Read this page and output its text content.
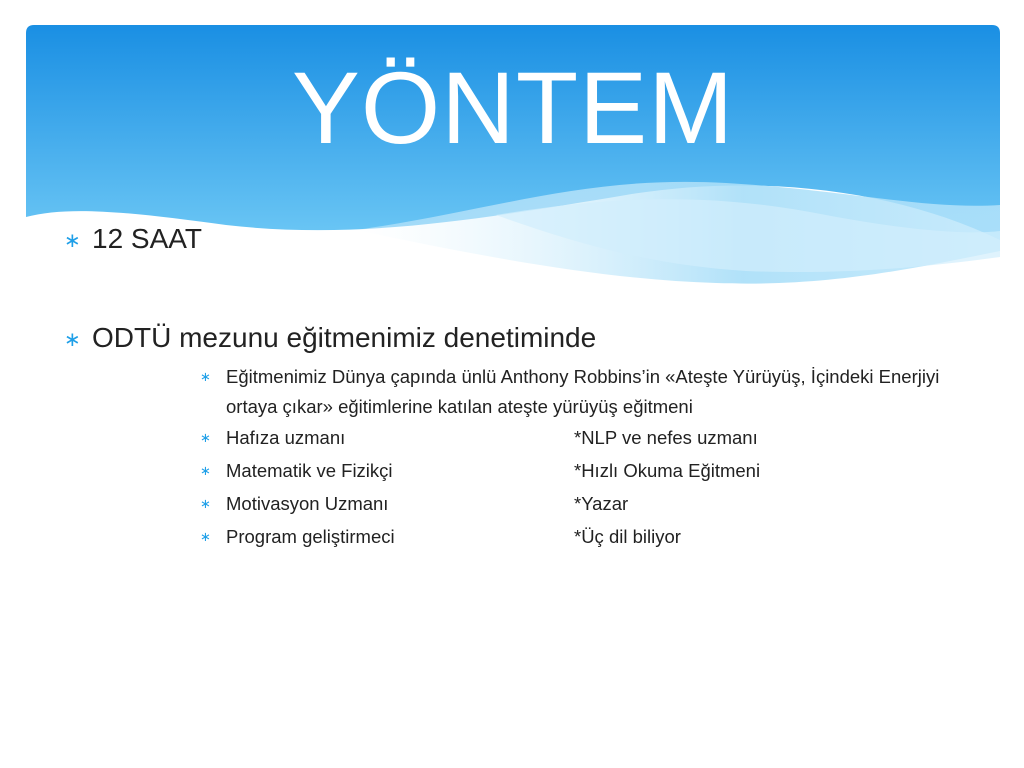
YÖNTEM
∗ 12 SAAT
∗ ODTÜ mezunu eğitmenimiz denetiminde
∗ Eğitmenimiz Dünya çapında ünlü Anthony Robbins’in «Ateşte Yürüyüş, İçindeki Enerjiyi ortaya çıkar» eğitimlerine katılan ateşte yürüyüş eğitmeni
∗ Hafıza uzmanı	*NLP ve nefes uzmanı
∗ Matematik ve Fizikçi	*Hızlı Okuma Eğitmeni
∗ Motivasyon Uzmanı	*Yazar
∗ Program geliştirmeci	*Üç dil biliyor
